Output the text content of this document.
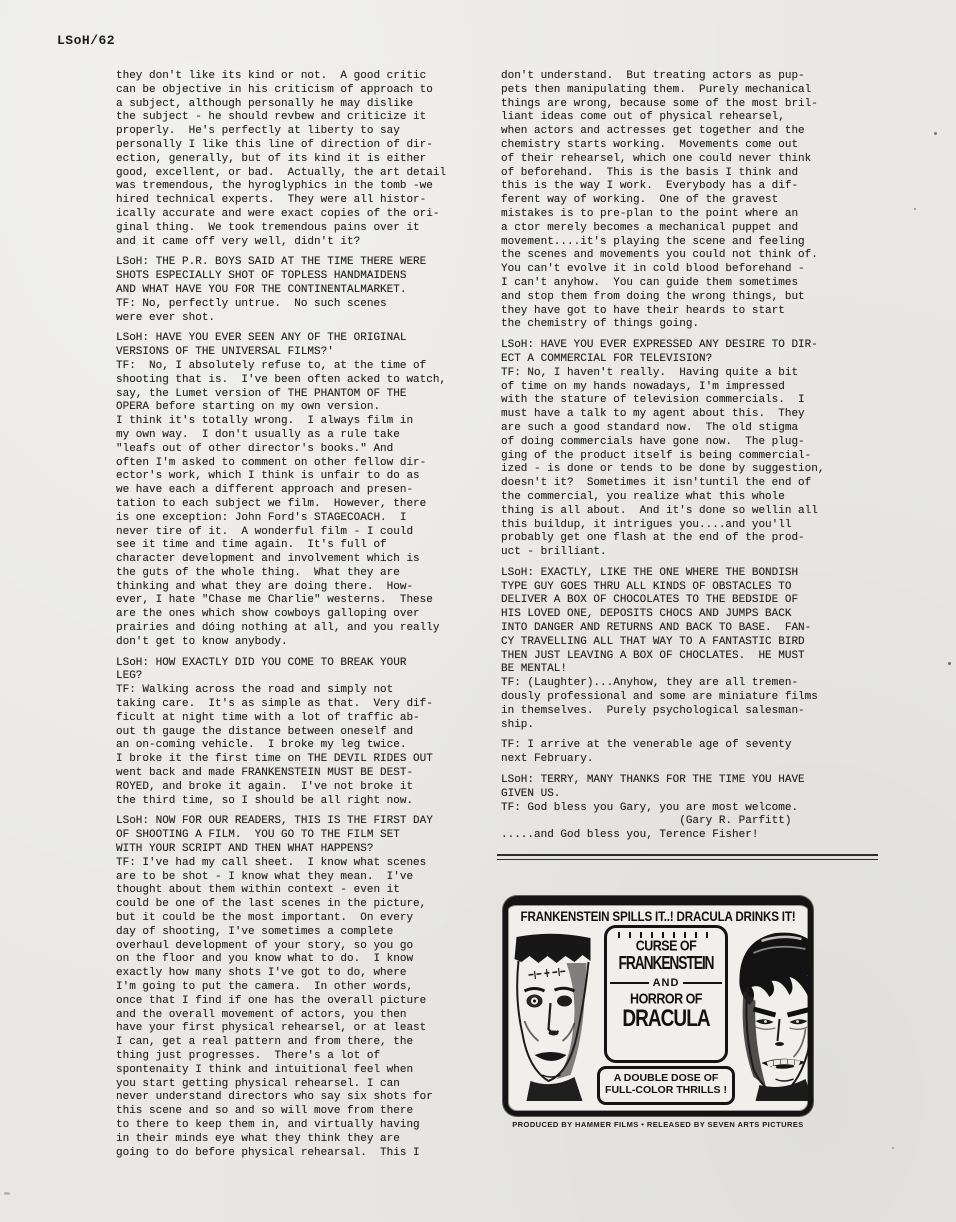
LSoH/62
they don't like its kind or not.  A good critic
can be objective in his criticism of approach to
a subject, although personally he may dislike
the subject - he should revbew and criticize it
properly.  He's perfectly at liberty to say
personally I like this line of direction of dir-
ection, generally, but of its kind it is either
good, excellent, or bad.  Actually, the art detail
was tremendous, the hyroglyphics in the tomb -we
hired technical experts.  They were all histor-
ically accurate and were exact copies of the ori-
ginal thing.  We took tremendous pains over it
and it came off very well, didn't it?
LSoH: THE P.R. BOYS SAID AT THE TIME THERE WERE
SHOTS ESPECIALLY SHOT OF TOPLESS HANDMAIDENS
AND WHAT HAVE YOU FOR THE CONTINENTALMARKET.
TF: No, perfectly untrue.  No such scenes
were ever shot.
LSoH: HAVE YOU EVER SEEN ANY OF THE ORIGINAL
VERSIONS OF THE UNIVERSAL FILMS?'
TF:  No, I absolutely refuse to, at the time of
shooting that is.  I've been often acked to watch,
say, the Lumet version of THE PHANTOM OF THE
OPERA before starting on my own version.
I think it's totally wrong.  I always film in
my own way.  I don't usually as a rule take
"leafs out of other director's books." And
often I'm asked to comment on other fellow dir-
ector's work, which I think is unfair to do as
we have each a different approach and presen-
tation to each subject we film.  However, there
is one exception: John Ford's STAGECOACH.  I
never tire of it.  A wonderful film - I could
see it time and time again.  It's full of
character development and involvement which is
the guts of the whole thing.  What they are
thinking and what they are doing there.  How-
ever, I hate "Chase me Charlie" westerns.  These
are the ones which show cowboys galloping over
prairies and dóing nothing at all, and you really
don't get to know anybody.
LSoH: HOW EXACTLY DID YOU COME TO BREAK YOUR
LEG?
TF: Walking across the road and simply not
taking care.  It's as simple as that.  Very dif-
ficult at night time with a lot of traffic ab-
out th gauge the distance between oneself and
an on-coming vehicle.  I broke my leg twice.
I broke it the first time on THE DEVIL RIDES OUT
went back and made FRANKENSTEIN MUST BE DEST-
ROYED, and broke it again.  I've not broke it
the third time, so I should be all right now.
LSoH: NOW FOR OUR READERS, THIS IS THE FIRST DAY
OF SHOOTING A FILM.  YOU GO TO THE FILM SET
WITH YOUR SCRIPT AND THEN WHAT HAPPENS?
TF: I've had my call sheet.  I know what scenes
are to be shot - I know what they mean.  I've
thought about them within context - even it
could be one of the last scenes in the picture,
but it could be the most important.  On every
day of shooting, I've sometimes a complete
overhaul development of your story, so you go
on the floor and you know what to do.  I know
exactly how many shots I've got to do, where
I'm going to put the camera.  In other words,
once that I find if one has the overall picture
and the overall movement of actors, you then
have your first physical rehearsel, or at least
I can, get a real pattern and from there, the
thing just progresses.  There's a lot of
spontenaity I think and intuitional feel when
you start getting physical rehearsel. I can
never understand directors who say six shots for
this scene and so and so will move from there
to there to keep them in, and virtually having
in their minds eye what they think they are
going to do before physical rehearsal.  This I
don't understand.  But treating actors as pup-
pets then manipulating them.  Purely mechanical
things are wrong, because some of the most bril-
liant ideas come out of physical rehearsel,
when actors and actresses get together and the
chemistry starts working.  Movements come out
of their rehearsel, which one could never think
of beforehand.  This is the basis I think and
this is the way I work.  Everybody has a dif-
ferent way of working.  One of the gravest
mistakes is to pre-plan to the point where an
a ctor merely becomes a mechanical puppet and
movement....it's playing the scene and feeling
the scenes and movements you could not think of.
You can't evolve it in cold blood beforehand -
I can't anyhow.  You can guide them sometimes
and stop them from doing the wrong things, but
they have got to have their heards to start
the chemistry of things going.
LSoH: HAVE YOU EVER EXPRESSED ANY DESIRE TO DIR-
ECT A COMMERCIAL FOR TELEVISION?
TF: No, I haven't really.  Having quite a bit
of time on my hands nowadays, I'm impressed
with the stature of television commercials.  I
must have a talk to my agent about this.  They
are such a good standard now.  The old stigma
of doing commercials have gone now.  The plug-
ging of the product itself is being commercial-
ized - is done or tends to be done by suggestion,
doesn't it?  Sometimes it isn'tuntil the end of
the commercial, you realize what this whole
thing is all about.  And it's done so wellin all
this buildup, it intrigues you....and you'll
probably get one flash at the end of the prod-
uct - brilliant.
LSoH: EXACTLY, LIKE THE ONE WHERE THE BONDISH
TYPE GUY GOES THRU ALL KINDS OF OBSTACLES TO
DELIVER A BOX OF CHOCOLATES TO THE BEDSIDE OF
HIS LOVED ONE, DEPOSITS CHOCS AND JUMPS BACK
INTO DANGER AND RETURNS AND BACK TO BASE.  FAN-
CY TRAVELLING ALL THAT WAY TO A FANTASTIC BIRD
THEN JUST LEAVING A BOX OF CHOCLATES.  HE MUST
BE MENTAL!
TF: (Laughter)...Anyhow, they are all tremen-
dously professional and some are miniature films
in themselves.  Purely psychological salesman-
ship.
TF: I arrive at the venerable age of seventy
next February.
LSoH: TERRY, MANY THANKS FOR THE TIME YOU HAVE
GIVEN US.
TF: God bless you Gary, you are most welcome.
(Gary R. Parfitt)
.....and God bless you, Terence Fisher!
FRANKENSTEIN SPILLS IT..! DRACULA DRINKS IT!
CURSE OF
FRANKENSTEIN
AND
HORROR OF
DRACULA
A DOUBLE DOSE OF
FULL-COLOR THRILLS !
PRODUCED BY HAMMER FILMS • RELEASED BY SEVEN ARTS PICTURES
